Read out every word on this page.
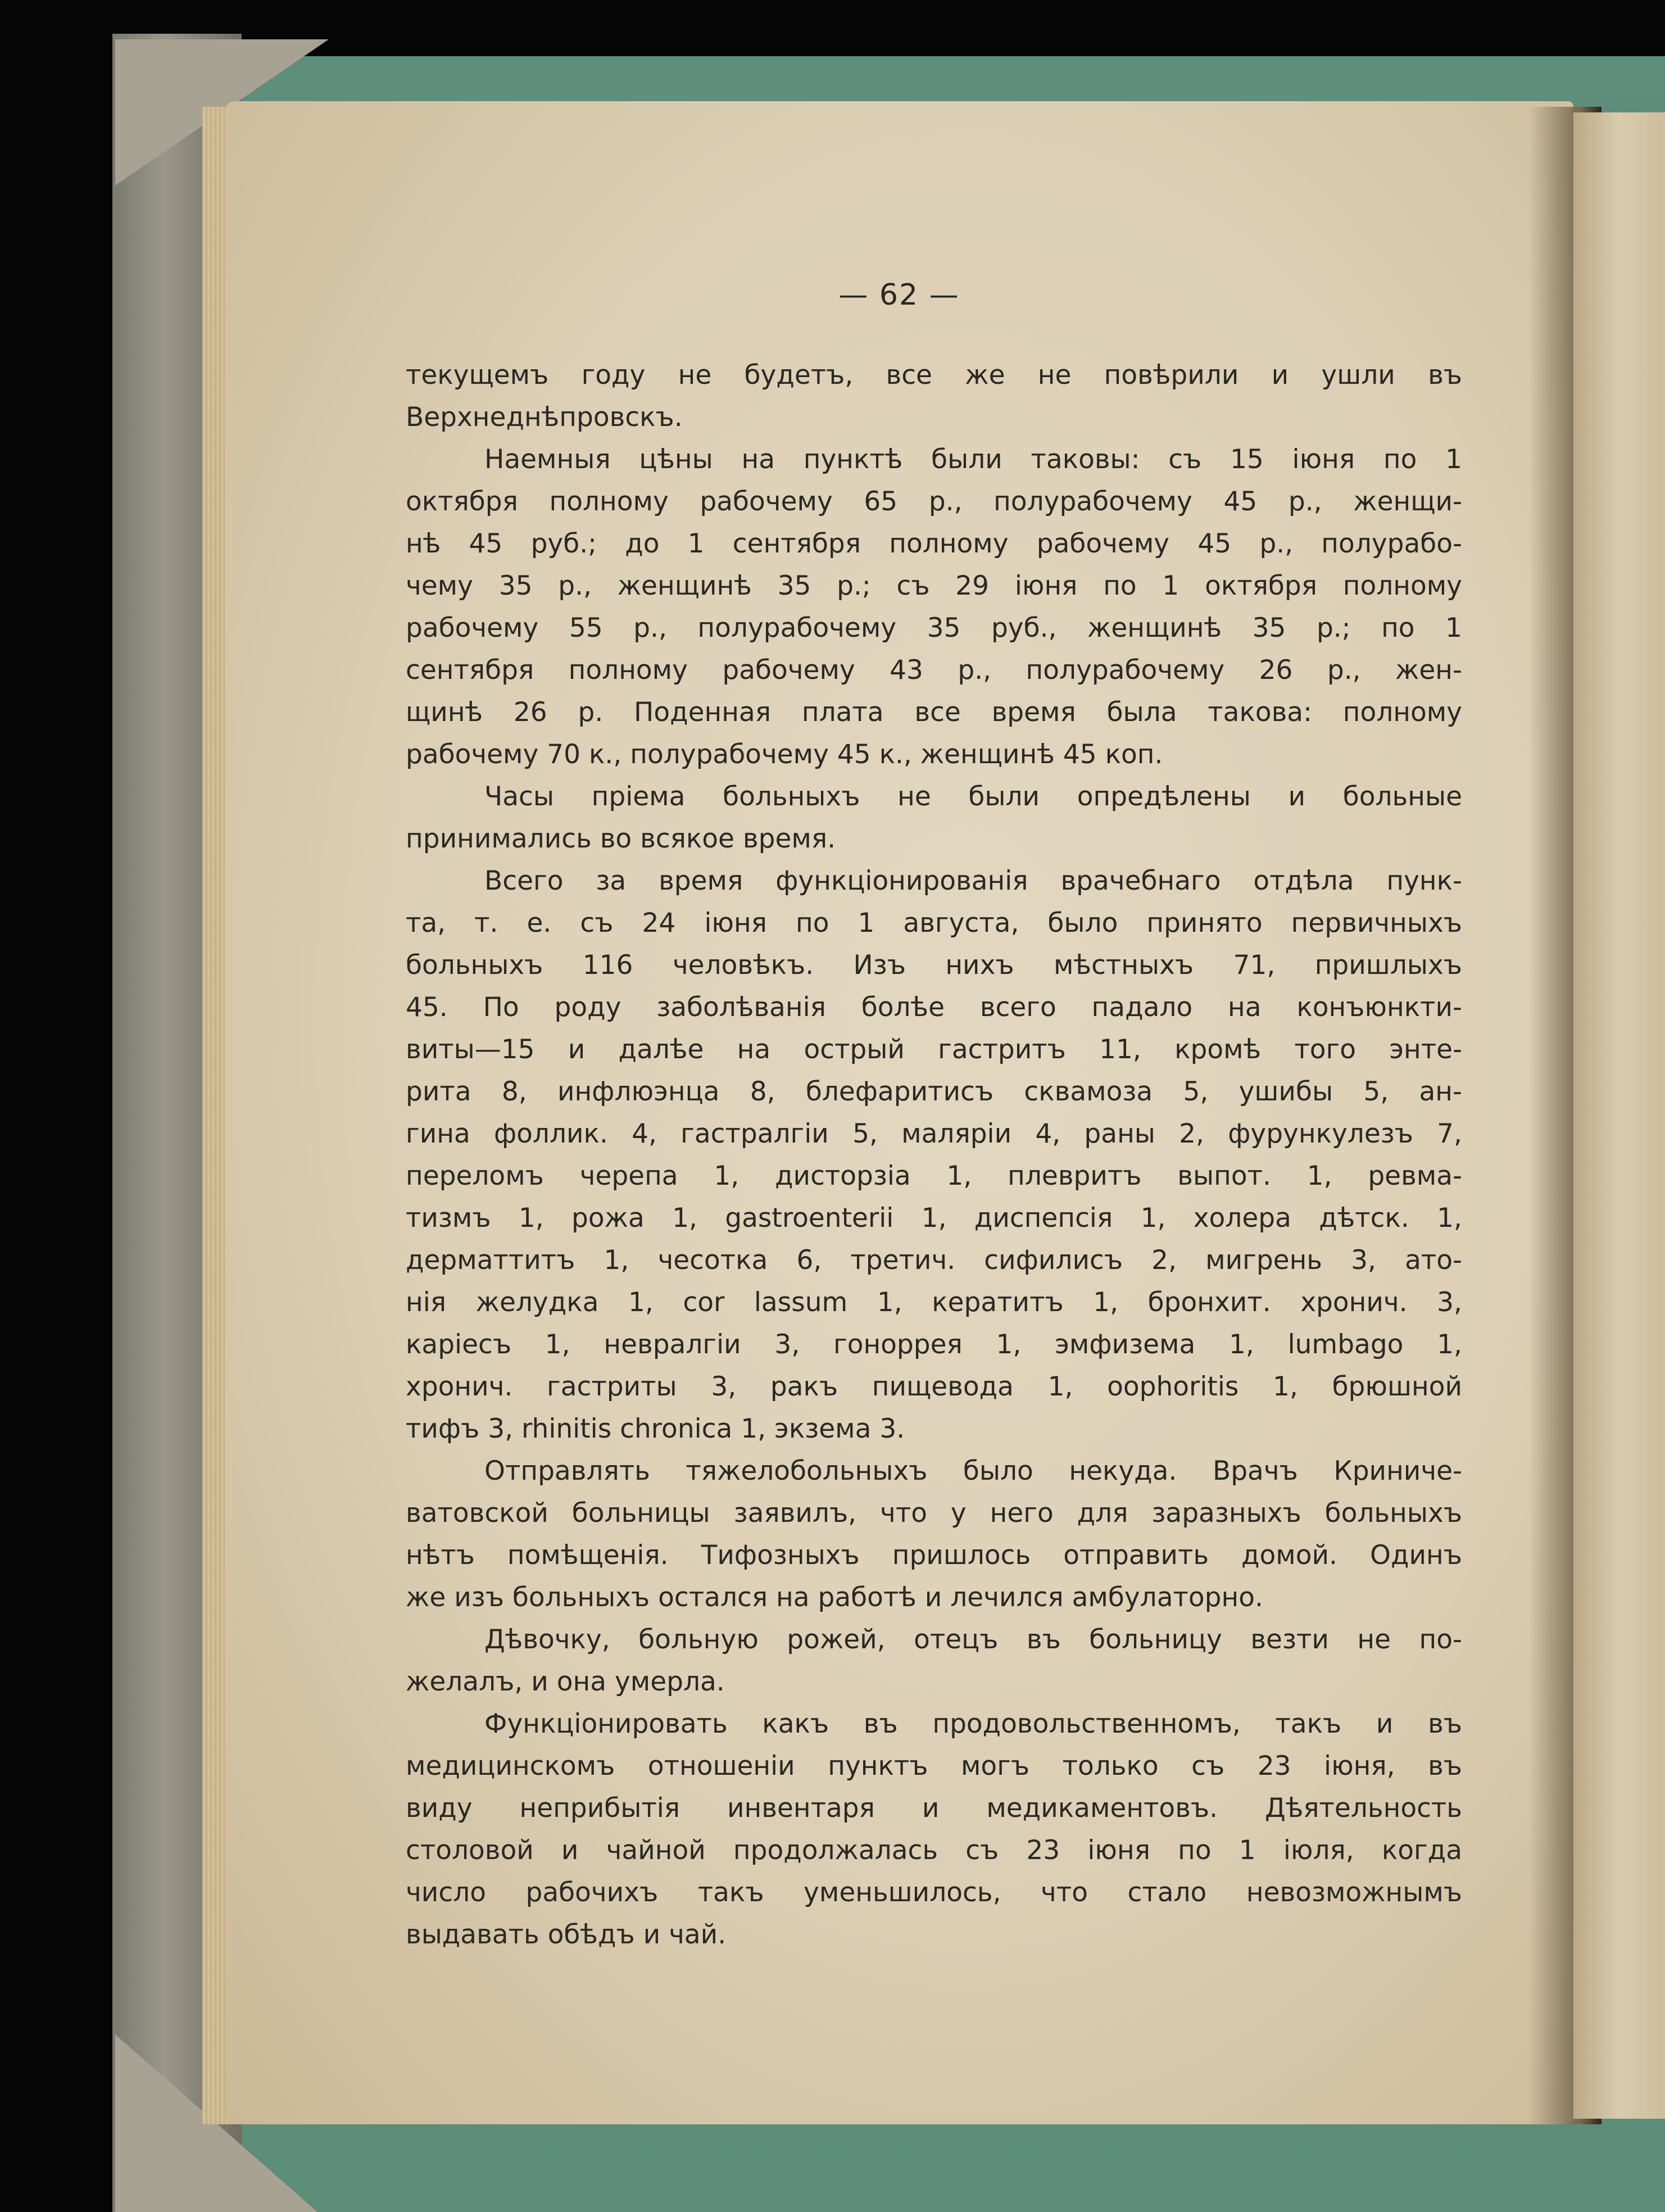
— 62 —
текущемъ году не будетъ, все же не повѣрили и ушли въ
Верхнеднѣпровскъ.
Наемныя цѣны на пунктѣ были таковы: съ 15 іюня по 1
октября полному рабочему 65 р., полурабочему 45 р., женщи-
нѣ 45 руб.; до 1 сентября полному рабочему 45 р., полурабо-
чему 35 р., женщинѣ 35 р.; съ 29 іюня по 1 октября полному
рабочему 55 р., полурабочему 35 руб., женщинѣ 35 р.; по 1
сентября полному рабочему 43 р., полурабочему 26 р., жен-
щинѣ 26 р. Поденная плата все время была такова: полному
рабочему 70 к., полурабочему 45 к., женщинѣ 45 коп.
Часы пріема больныхъ не были опредѣлены и больные
принимались во всякое время.
Всего за время функціонированія врачебнаго отдѣла пунк-
та, т. е. съ 24 іюня по 1 августа, было принято первичныхъ
больныхъ 116 человѣкъ. Изъ нихъ мѣстныхъ 71, пришлыхъ
45. По роду заболѣванія болѣе всего падало на конъюнкти-
виты—15 и далѣе на острый гастритъ 11, кромѣ того энте-
рита 8, инфлюэнца 8, блефаритисъ сквамоза 5, ушибы 5, ан-
гина фоллик. 4, гастралгіи 5, маляріи 4, раны 2, фурункулезъ 7,
переломъ черепа 1, дисторзіа 1, плевритъ выпот. 1, ревма-
тизмъ 1, рожа 1, gastroenterii 1, диспепсія 1, холера дѣтск. 1,
дерматтитъ 1, чесотка 6, третич. сифилисъ 2, мигрень 3, ато-
нія желудка 1, cor lassum 1, кератитъ 1, бронхит. хронич. 3,
каріесъ 1, невралгіи 3, гоноррея 1, эмфизема 1, lumbago 1,
хронич. гастриты 3, ракъ пищевода 1, oophoritis 1, брюшной
тифъ 3, rhinitis chronica 1, экзема 3.
Отправлять тяжелобольныхъ было некуда. Врачъ Криниче-
ватовской больницы заявилъ, что у него для заразныхъ больныхъ
нѣтъ помѣщенія. Тифозныхъ пришлось отправить домой. Одинъ
же изъ больныхъ остался на работѣ и лечился амбулаторно.
Дѣвочку, больную рожей, отецъ въ больницу везти не по-
желалъ, и она умерла.
Функціонировать какъ въ продовольственномъ, такъ и въ
медицинскомъ отношеніи пунктъ могъ только съ 23 іюня, въ
виду неприбытія инвентаря и медикаментовъ. Дѣятельность
столовой и чайной продолжалась съ 23 іюня по 1 іюля, когда
число рабочихъ такъ уменьшилось, что стало невозможнымъ
выдавать обѣдъ и чай.
